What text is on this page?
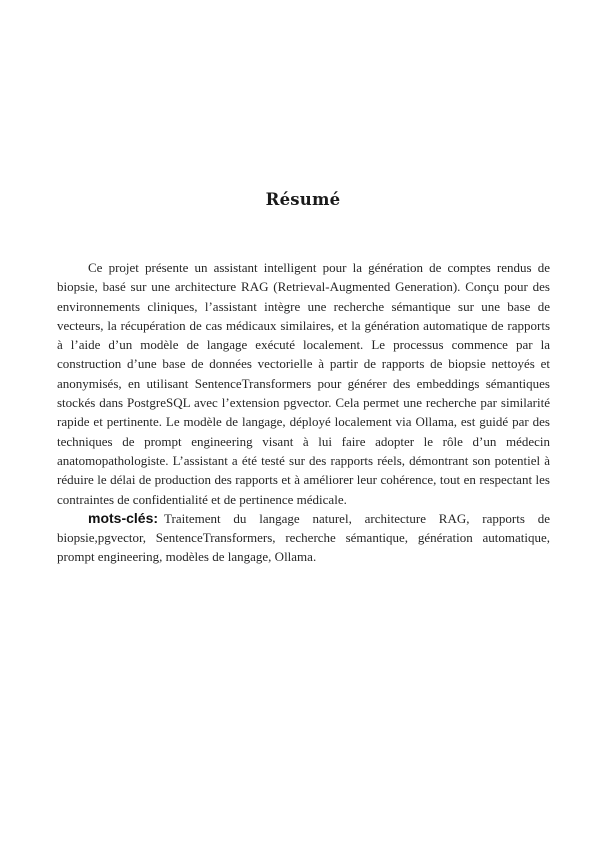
Résumé

Ce projet présente un assistant intelligent pour la génération de comptes rendus de biopsie, basé sur une architecture RAG (Retrieval-Augmented Generation). Conçu pour des environnements cliniques, l’assistant intègre une recherche sémantique sur une base de vecteurs, la récupération de cas médicaux similaires, et la génération automatique de rapports à l’aide d’un modèle de langage exécuté localement. Le processus commence par la construction d’une base de données vectorielle à partir de rapports de biopsie nettoyés et anonymisés, en utilisant SentenceTransformers pour générer des embeddings sémantiques stockés dans PostgreSQL avec l’extension pgvector. Cela permet une recherche par similarité rapide et pertinente. Le modèle de langage, déployé localement via Ollama, est guidé par des techniques de prompt engineering visant à lui faire adopter le rôle d’un médecin anatomopathologiste. L’assistant a été testé sur des rapports réels, démontrant son potentiel à réduire le délai de production des rapports et à améliorer leur cohérence, tout en respectant les contraintes de confidentialité et de pertinence médicale.

mots-clés: Traitement du langage naturel, architecture RAG, rapports de biopsie,pgvector, SentenceTransformers, recherche sémantique, génération automatique, prompt engineering, modèles de langage, Ollama.
